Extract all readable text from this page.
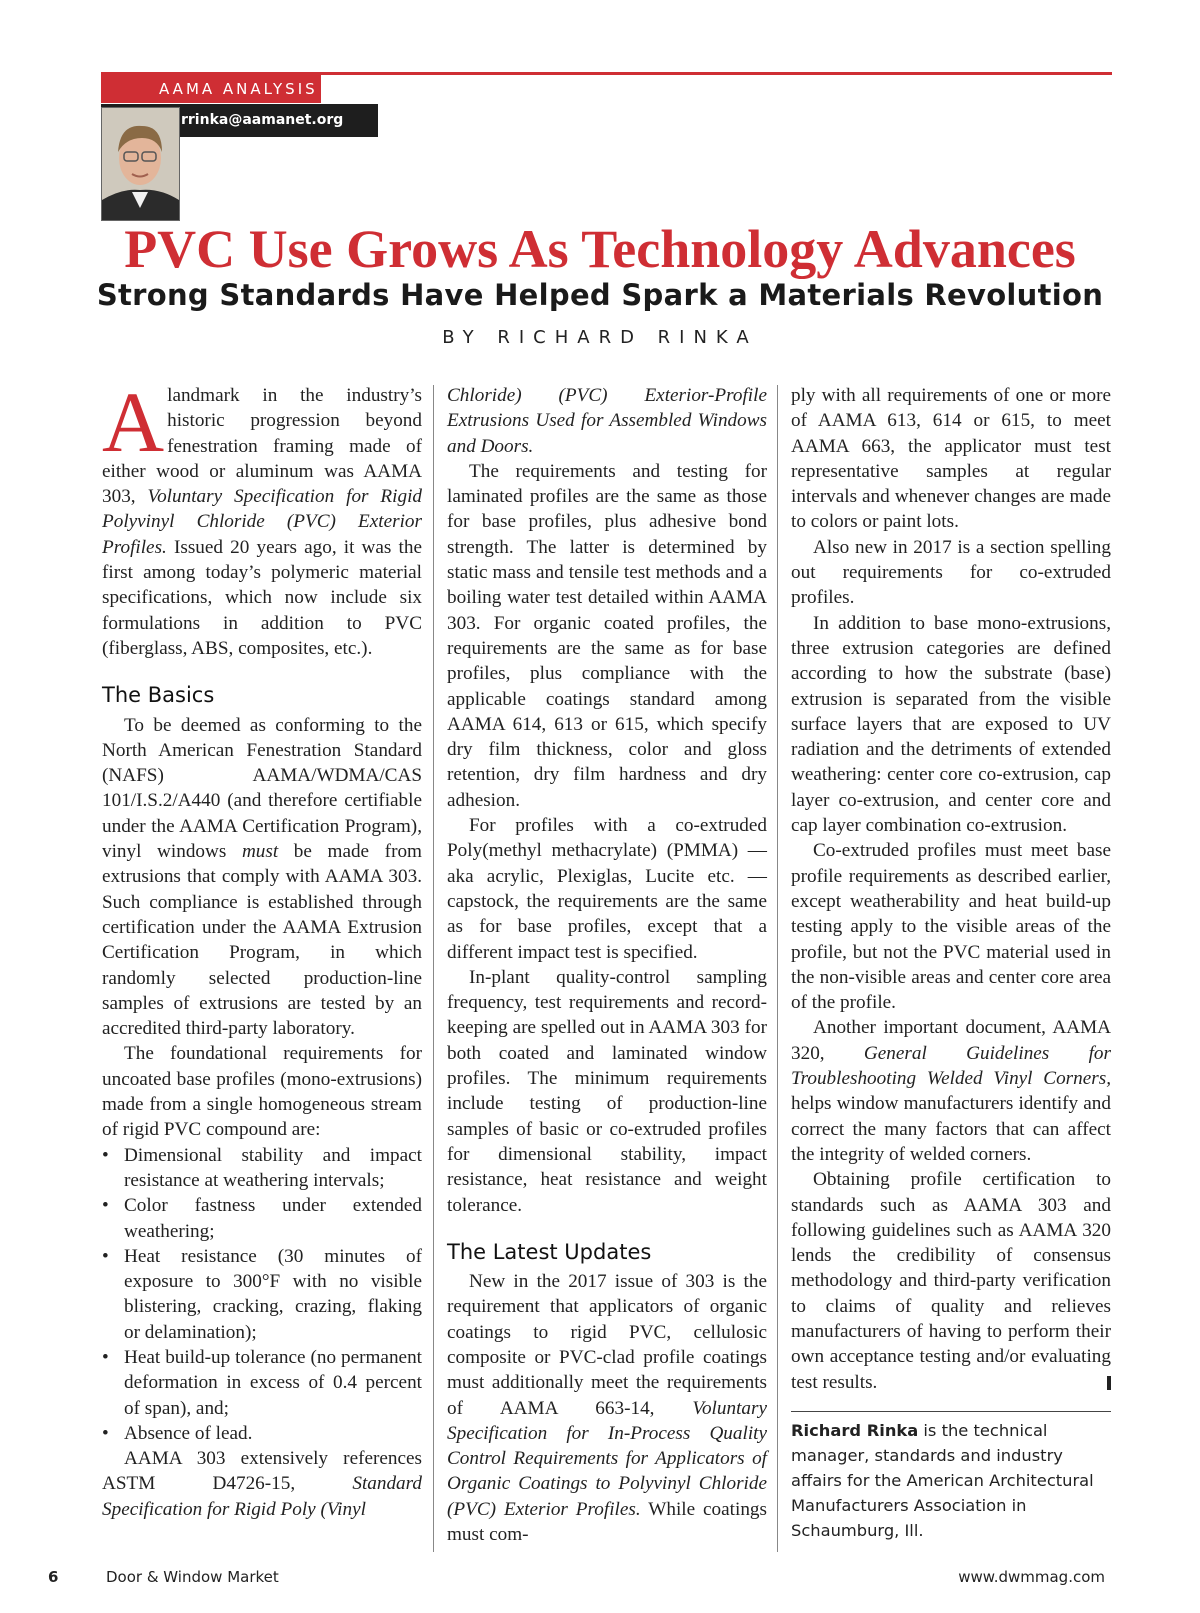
AAMA ANALYSIS
rrinka@aamanet.org
PVC Use Grows As Technology Advances
Strong Standards Have Helped Spark a Materials Revolution
BY RICHARD RINKA

Alandmark in the industry’s historic progression beyond fenestration framing made of either wood or aluminum was AAMA 303, Voluntary Specification for Rigid Polyvinyl Chloride (PVC) Exterior Profiles. Issued 20 years ago, it was the first among today’s polymeric material specifications, which now include six formulations in addition to PVC (fiberglass, ABS, composites, etc.).

The Basics

To be deemed as conforming to the North American Fenestration Standard (NAFS) AAMA/WDMA/CAS 101/I.S.2/A440 (and therefore certifiable under the AAMA Certification Program), vinyl windows must be made from extrusions that comply with AAMA 303. Such compliance is established through certification under the AAMA Extrusion Certification Program, in which randomly selected production-line samples of extrusions are tested by an accredited third-party laboratory.

The foundational requirements for uncoated base profiles (mono-extrusions) made from a single homogeneous stream of rigid PVC compound are:

• Dimensional stability and impact resistance at weathering intervals;
• Color fastness under extended weathering;
• Heat resistance (30 minutes of exposure to 300°F with no visible blistering, cracking, crazing, flaking or delamination);
• Heat build-up tolerance (no permanent deformation in excess of 0.4 percent of span), and;
• Absence of lead.

AAMA 303 extensively references ASTM D4726-15, Standard Specification for Rigid Poly (Vinyl

Chloride) (PVC) Exterior-Profile Extrusions Used for Assembled Windows and Doors.

The requirements and testing for laminated profiles are the same as those for base profiles, plus adhesive bond strength. The latter is determined by static mass and tensile test methods and a boiling water test detailed within AAMA 303. For organic coated profiles, the requirements are the same as for base profiles, plus compliance with the applicable coatings standard among AAMA 614, 613 or 615, which specify dry film thickness, color and gloss retention, dry film hardness and dry adhesion.

For profiles with a co-extruded Poly(methyl methacrylate) (PMMA) —aka acrylic, Plexiglas, Lucite etc. — capstock, the requirements are the same as for base profiles, except that a different impact test is specified.

In-plant quality-control sampling frequency, test requirements and record-keeping are spelled out in AAMA 303 for both coated and laminated window profiles. The minimum requirements include testing of production-line samples of basic or co-extruded profiles for dimensional stability, impact resistance, heat resistance and weight tolerance.

The Latest Updates

New in the 2017 issue of 303 is the requirement that applicators of organic coatings to rigid PVC, cellulosic composite or PVC-clad profile coatings must additionally meet the requirements of AAMA 663-14, Voluntary Specification for In-Process Quality Control Requirements for Applicators of Organic Coatings to Polyvinyl Chloride (PVC) Exterior Profiles. While coatings must com-

ply with all requirements of one or more of AAMA 613, 614 or 615, to meet AAMA 663, the applicator must test representative samples at regular intervals and whenever changes are made to colors or paint lots.

Also new in 2017 is a section spelling out requirements for co-extruded profiles.

In addition to base mono-extrusions, three extrusion categories are defined according to how the substrate (base) extrusion is separated from the visible surface layers that are exposed to UV radiation and the detriments of extended weathering: center core co-extrusion, cap layer co-extrusion, and center core and cap layer combination co-extrusion.

Co-extruded profiles must meet base profile requirements as described earlier, except weatherability and heat build-up testing apply to the visible areas of the profile, but not the PVC material used in the non-visible areas and center core area of the profile.

Another important document, AAMA 320, General Guidelines for Troubleshooting Welded Vinyl Corners, helps window manufacturers identify and correct the many factors that can affect the integrity of welded corners.

Obtaining profile certification to standards such as AAMA 303 and following guidelines such as AAMA 320 lends the credibility of consensus methodology and third-party verification to claims of quality and relieves manufacturers of having to perform their own acceptance testing and/or evaluating test results.

Richard Rinka is the technical manager, standards and industry affairs for the American Architectural Manufacturers Association in Schaumburg, Ill.
6	Door & Window Market	www.dwmmag.com
